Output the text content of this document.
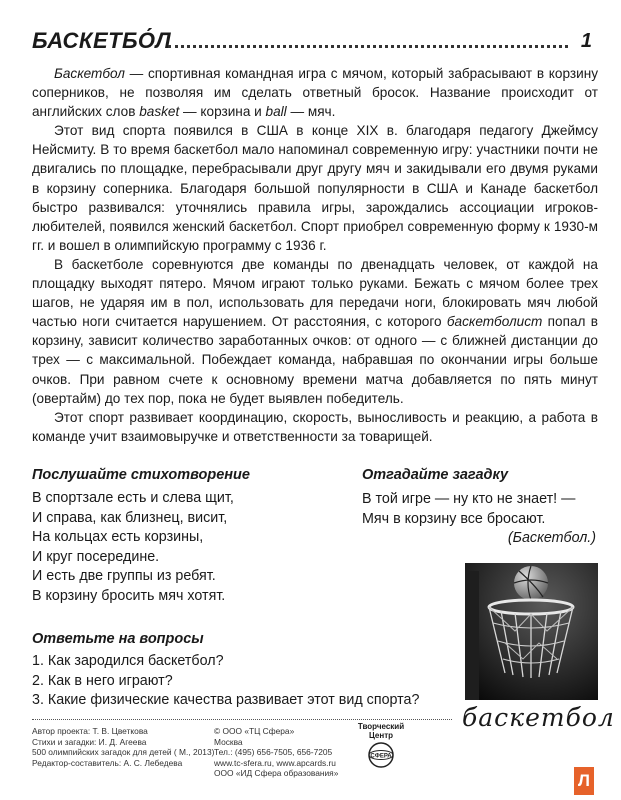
БАСКЕТБО́Л	1

Баскетбол — спортивная командная игра с мячом, который забрасывают в корзину соперников, не позволяя им сделать ответный бросок. Название происходит от английских слов basket — корзина и ball — мяч.

Этот вид спорта появился в США в конце XIX в. благодаря педагогу Джеймсу Нейсмиту. В то время баскетбол мало напоминал современную игру: участники почти не двигались по площадке, перебрасывали друг другу мяч и закидывали его двумя руками в корзину соперника. Благодаря большой популярности в США и Канаде баскетбол быстро развивался: уточнялись правила игры, зарождались ассоциации игроков-любителей, появился женский баскетбол. Спорт приобрел современную форму к 1930-м гг. и вошел в олимпийскую программу с 1936 г.

В баскетболе соревнуются две команды по двенадцать человек, от каждой на площадку выходят пятеро. Мячом играют только руками. Бежать с мячом более трех шагов, не ударяя им в пол, использовать для передачи ноги, блокировать мяч любой частью ноги считается нарушением. От расстояния, с которого баскетболист попал в корзину, зависит количество заработанных очков: от одного — с ближней дистанции до трех — с максимальной. Побеждает команда, набравшая по окончании игры больше очков. При равном счете к основному времени матча добавляется по пять минут (овертайм) до тех пор, пока не будет выявлен победитель.

Этот спорт развивает координацию, скорость, выносливость и реакцию, а работа в команде учит взаимовыручке и ответственности за товарищей.

Послушайте стихотворение
В спортзале есть и слева щит,
И справа, как близнец, висит,
На кольцах есть корзины,
И круг посередине.
И есть две группы из ребят.
В корзину бросить мяч хотят.
Отгадайте загадку
В той игре — ну кто не знает! —
Мяч в корзину все бросают.
(Баскетбол.)
Ответьте на вопросы
1. Как зародился баскетбол?
2. Как в него играют?
3. Какие физические качества развивает этот вид спорта?
баскетбол
Автор проекта: Т. В. Цветкова
Стихи и загадки: И. Д. Агеева
500 олимпийских загадок для детей ( М., 2013)
Редактор-составитель: А. С. Лебедева
© ООО «ТЦ Сфера»
Москва
Тел.: (495) 656-7505, 656-7205
www.tc-sfera.ru, www.apcards.ru
ООО «ИД Сфера образования»
Творческий
Центр
СФЕРА
Л
